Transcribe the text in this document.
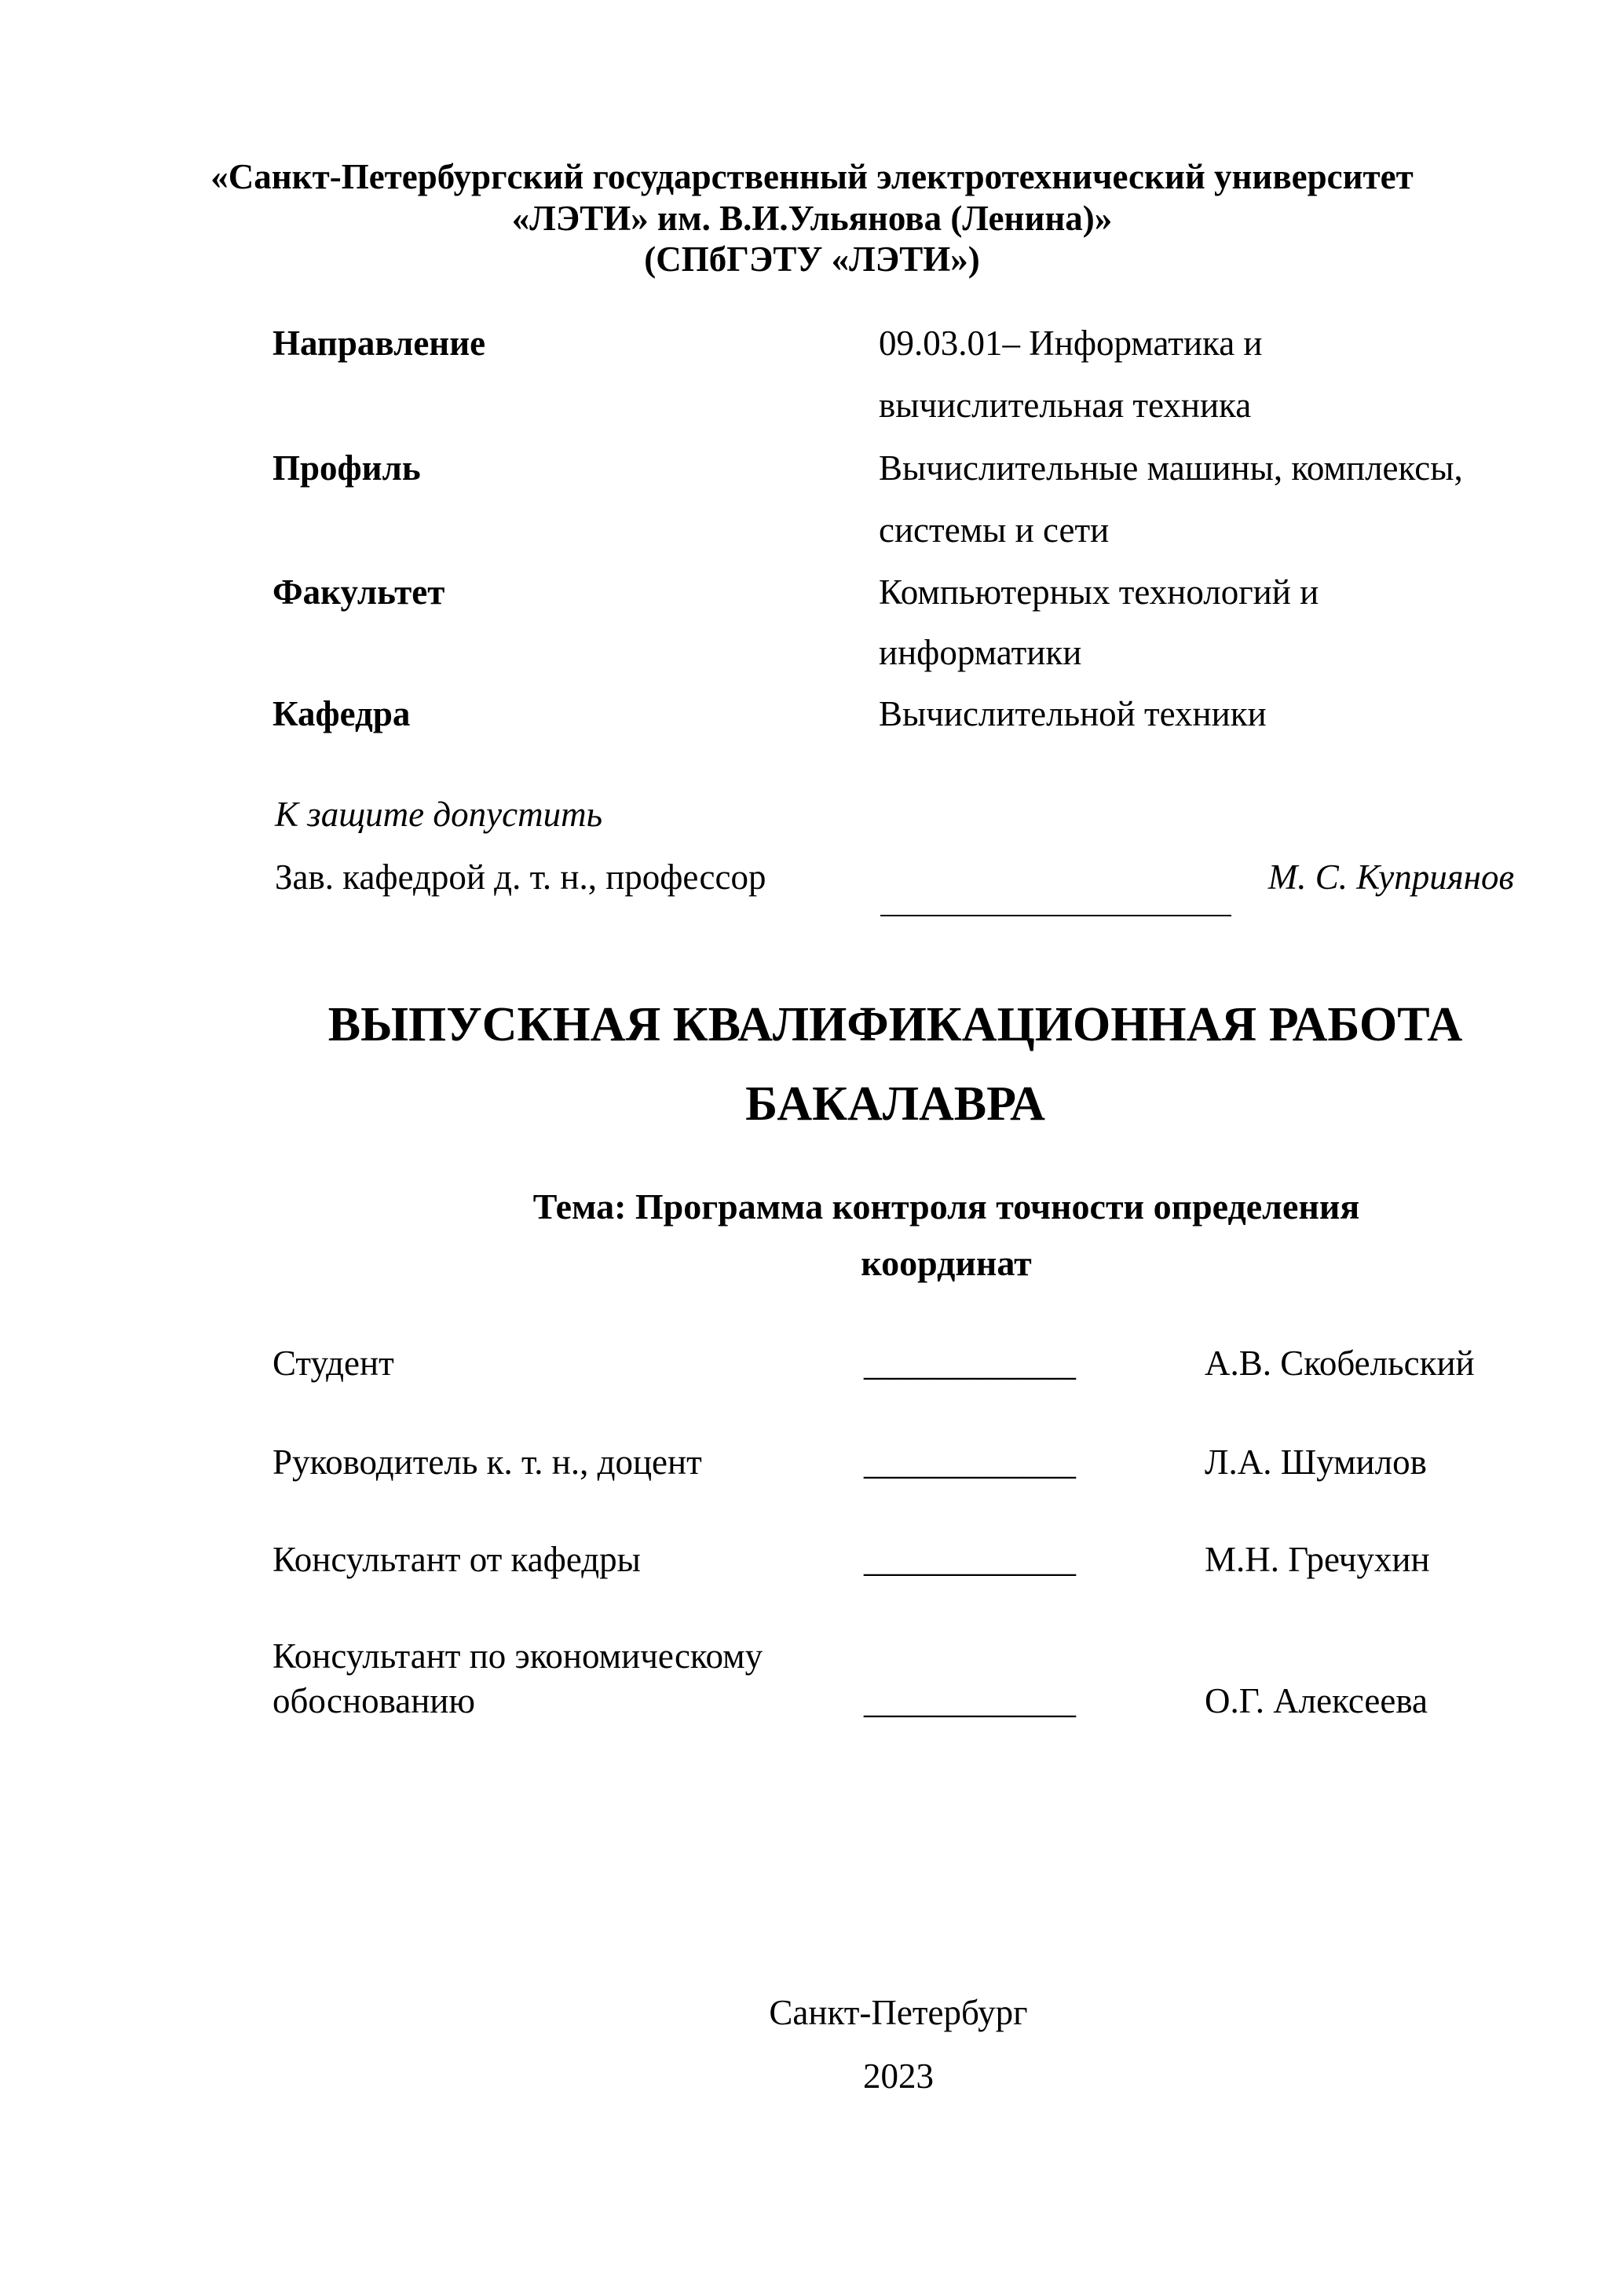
«Санкт-Петербургский государственный электротехнический университет
«ЛЭТИ» им. В.И.Ульянова (Ленина)»
(СПбГЭТУ «ЛЭТИ»)
Направление	09.03.01– Информатика и
вычислительная техника
Профиль	Вычислительные машины, комплексы,
системы и сети
Факультет	Компьютерных технологий и
информатики
Кафедра	Вычислительной техники
К защите допустить
Зав. кафедрой д. т. н., профессор	М. С. Куприянов
ВЫПУСКНАЯ КВАЛИФИКАЦИОННАЯ РАБОТА
БАКАЛАВРА
Тема: Программа контроля точности определения
координат
Студент	____________	А.В. Скобельский
Руководитель к. т. н., доцент	____________	Л.А. Шумилов
Консультант от кафедры	____________	М.Н. Гречухин
Консультант по экономическому
обоснованию	____________	О.Г. Алексеева
Санкт-Петербург
2023
